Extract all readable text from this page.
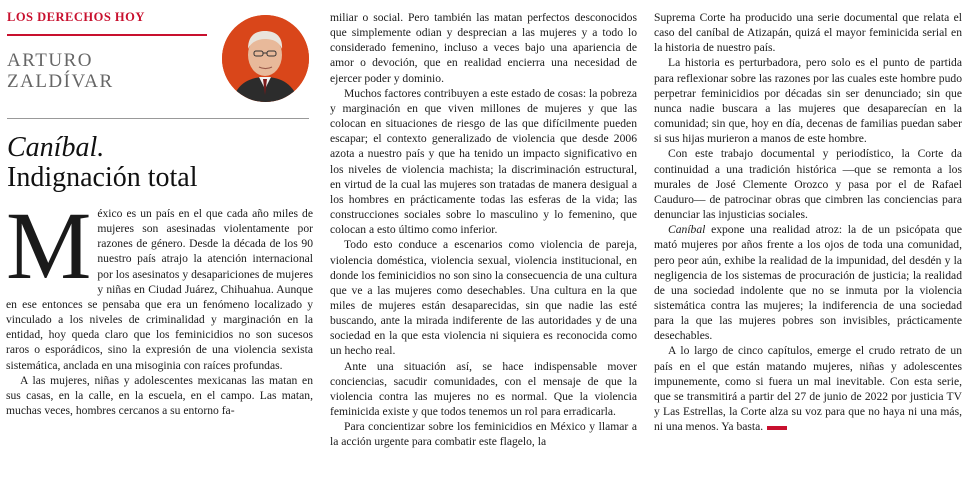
LOS DERECHOS HOY
ARTURO
ZALDÍVAR
Caníbal.
Indignación total
M éxico es un país en el que cada año miles de mujeres son asesinadas violentamente por razones de género. Desde la década de los 90 nuestro país atrajo la atención internacional por los asesinatos y desapariciones de mujeres y niñas en Ciudad Juárez, Chihuahua. Aunque en ese entonces se pensaba que era un fenómeno localizado y vinculado a los niveles de criminalidad y marginación en la entidad, hoy queda claro que los feminicidios no son sucesos raros o esporádicos, sino la expresión de una violencia sexista sistemática, anclada en una misoginia con raíces profundas.

A las mujeres, niñas y adolescentes mexicanas las matan en sus casas, en la calle, en la escuela, en el campo. Las matan, muchas veces, hombres cercanos a su entorno fa-

miliar o social. Pero también las matan perfectos desconocidos que simplemente odian y desprecian a las mujeres y a todo lo considerado femenino, incluso a veces bajo una apariencia de amor o devoción, que en realidad encierra una necesidad de ejercer poder y dominio.

Muchos factores contribuyen a este estado de cosas: la pobreza y marginación en que viven millones de mujeres y que las colocan en situaciones de riesgo de las que difícilmente pueden escapar; el contexto generalizado de violencia que desde 2006 azota a nuestro país y que ha tenido un impacto significativo en los niveles de violencia machista; la discriminación estructural, en virtud de la cual las mujeres son tratadas de manera desigual a los hombres en prácticamente todas las esferas de la vida; las construcciones sociales sobre lo masculino y lo femenino, que colocan a esto último como inferior.

Todo esto conduce a escenarios como violencia de pareja, violencia doméstica, violencia sexual, violencia institucional, en donde los feminicidios no son sino la consecuencia de una cultura que ve a las mujeres como desechables. Una cultura en la que miles de mujeres están desaparecidas, sin que nadie las esté buscando, ante la mirada indiferente de las autoridades y de una sociedad en la que esta violencia ni siquiera es reconocida como un hecho real.

Ante una situación así, se hace indispensable mover conciencias, sacudir comunidades, con el mensaje de que la violencia contra las mujeres no es normal. Que la violencia feminicida existe y que todos tenemos un rol para erradicarla.

Para concientizar sobre los feminicidios en México y llamar a la acción urgente para combatir este flagelo, la

Suprema Corte ha producido una serie documental que relata el caso del caníbal de Atizapán, quizá el mayor feminicida serial en la historia de nuestro país.

La historia es perturbadora, pero solo es el punto de partida para reflexionar sobre las razones por las cuales este hombre pudo perpetrar feminicidios por décadas sin ser denunciado; sin que nunca nadie buscara a las mujeres que desaparecían en la comunidad; sin que, hoy en día, decenas de familias puedan saber si sus hijas murieron a manos de este hombre.

Con este trabajo documental y periodístico, la Corte da continuidad a una tradición histórica —que se remonta a los murales de José Clemente Orozco y pasa por el de Rafael Cauduro— de patrocinar obras que cimbren las conciencias para denunciar las injusticias sociales.

Caníbal expone una realidad atroz: la de un psicópata que mató mujeres por años frente a los ojos de toda una comunidad, pero peor aún, exhibe la realidad de la impunidad, del desdén y la negligencia de los sistemas de procuración de justicia; la realidad de una sociedad indolente que no se inmuta por la violencia sistemática contra las mujeres; la indiferencia de una sociedad para la que las mujeres pobres son invisibles, prácticamente desechables.

A lo largo de cinco capítulos, emerge el crudo retrato de un país en el que están matando mujeres, niñas y adolescentes impunemente, como si fuera un mal inevitable. Con esta serie, que se transmitirá a partir del 27 de junio de 2022 por justicia TV y Las Estrellas, la Corte alza su voz para que no haya ni una más, ni una menos. Ya basta.
